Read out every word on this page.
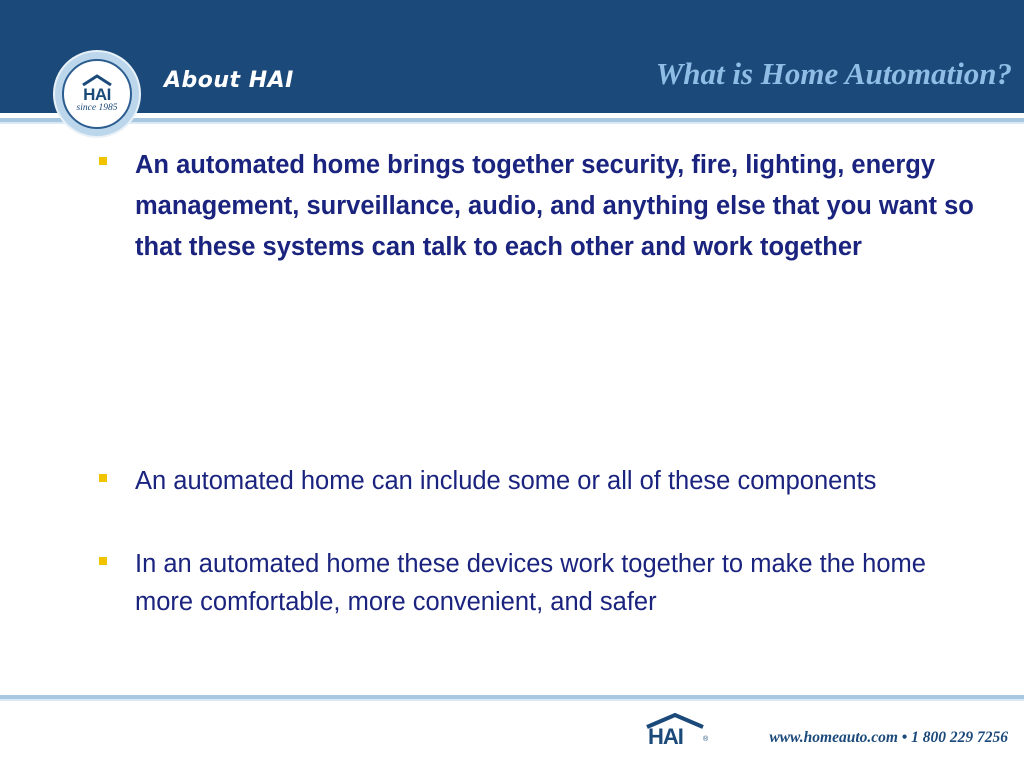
HAI
since 1985
About HAI	What is Home Automation?
An automated home brings together security, fire, lighting, energy management, surveillance, audio, and anything else that you want so that these systems can talk to each other and work together
An automated home can include some or all of these components
In an automated home these devices work together to make the home more comfortable, more convenient, and safer
HAI	®	www.homeauto.com • 1 800 229 7256
